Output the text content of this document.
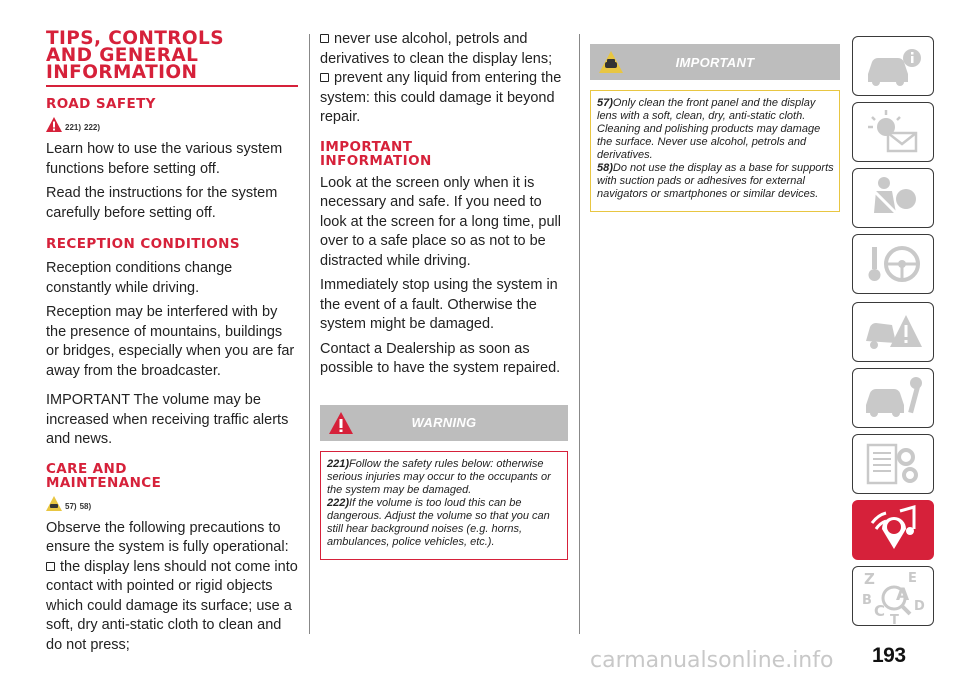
TIPS, CONTROLS
AND GENERAL
INFORMATION
ROAD SAFETY
221) 222)

Learn how to use the various system functions before setting off.

Read the instructions for the system carefully before setting off.

RECEPTION CONDITIONS

Reception conditions change constantly while driving.

Reception may be interfered with by the presence of mountains, buildings or bridges, especially when you are far away from the broadcaster.

IMPORTANT The volume may be increased when receiving traffic alerts and news.

CARE AND
MAINTENANCE
57) 58)

Observe the following precautions to ensure the system is fully operational:

the display lens should not come into contact with pointed or rigid objects which could damage its surface; use a soft, dry anti-static cloth to clean and do not press;

never use alcohol, petrols and derivatives to clean the display lens;

prevent any liquid from entering the system: this could damage it beyond repair.

IMPORTANT
INFORMATION

Look at the screen only when it is necessary and safe. If you need to look at the screen for a long time, pull over to a safe place so as not to be distracted while driving.

Immediately stop using the system in the event of a fault. Otherwise the system might be damaged.

Contact a Dealership as soon as possible to have the system repaired.

WARNING

221)Follow the safety rules below: otherwise serious injuries may occur to the occupants or the system may be damaged.

222)If the volume is too loud this can be dangerous. Adjust the volume so that you can still hear background noises (e.g. horns, ambulances, police vehicles, etc.).

IMPORTANT

57)Only clean the front panel and the display lens with a soft, clean, dry, anti-static cloth. Cleaning and polishing products may damage the surface. Never use alcohol, petrols and derivatives.

58)Do not use the display as a base for supports with suction pads or adhesives for external navigators or smartphones or similar devices.

Z	E
B A
C D
T
193
carmanualsonline.info
